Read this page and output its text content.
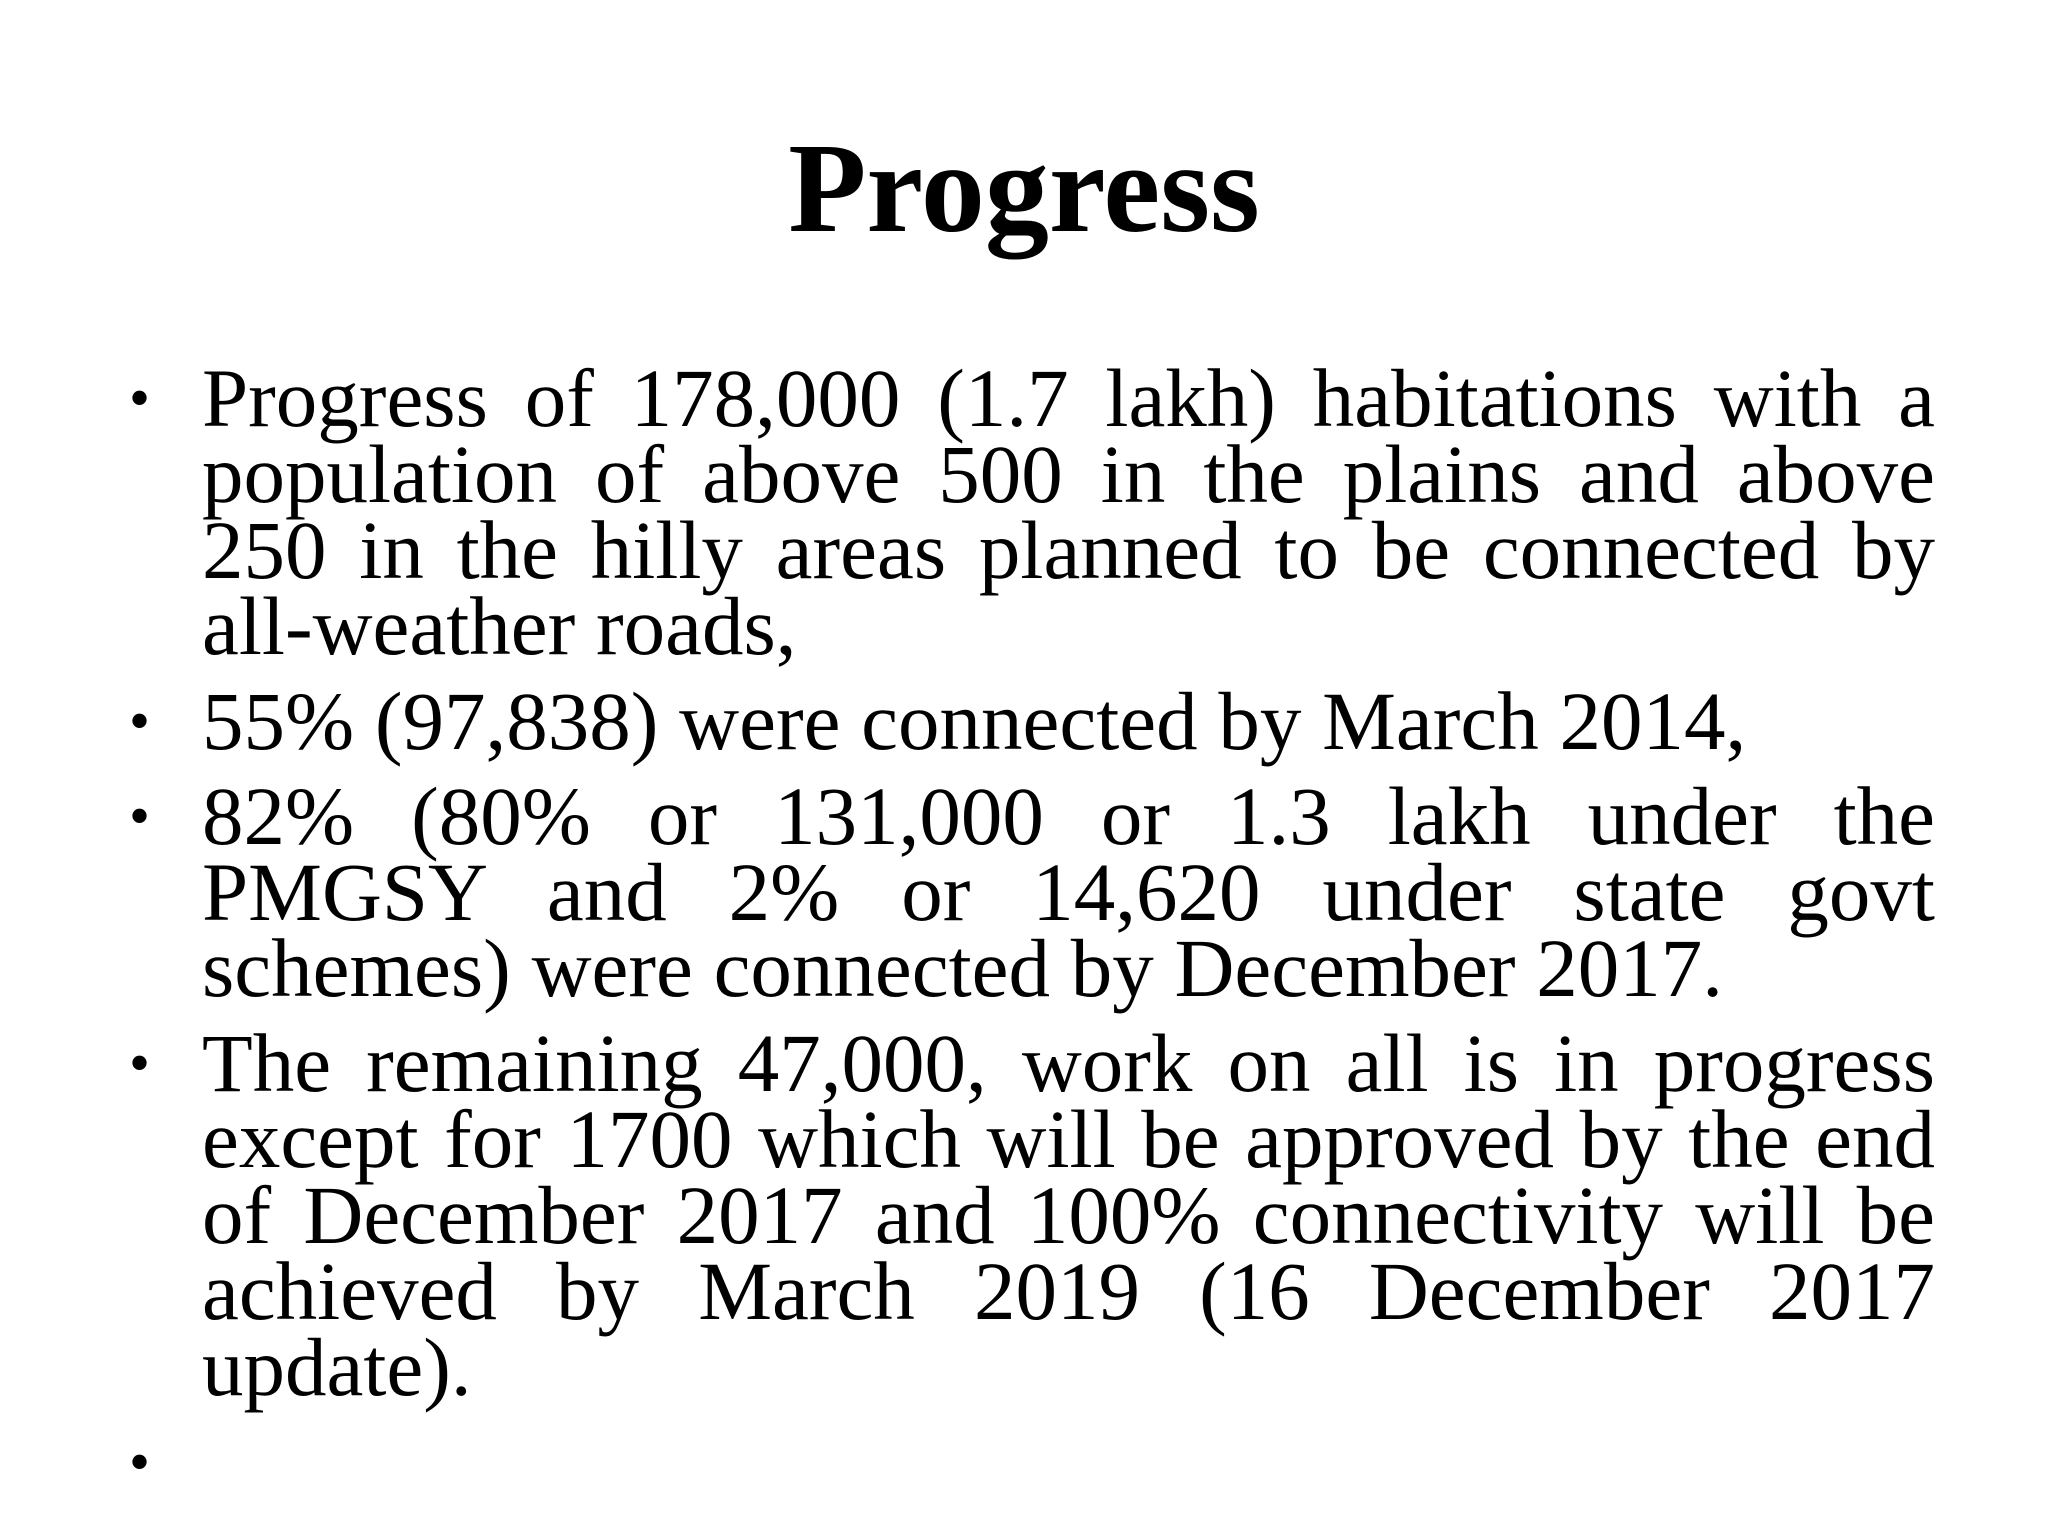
Progress
• Progress of 178,000 (1.7 lakh) habitations with a population of above 500 in the plains and above 250 in the hilly areas planned to be connected by all-weather roads,
• 55% (97,838) were connected by March 2014,
• 82% (80% or 131,000 or 1.3 lakh under the PMGSY and 2% or 14,620 under state govt schemes) were connected by December 2017.
• The remaining 47,000, work on all is in progress except for 1700 which will be approved by the end of December 2017 and 100% connectivity will be achieved by March 2019 (16 December 2017 update).
•
